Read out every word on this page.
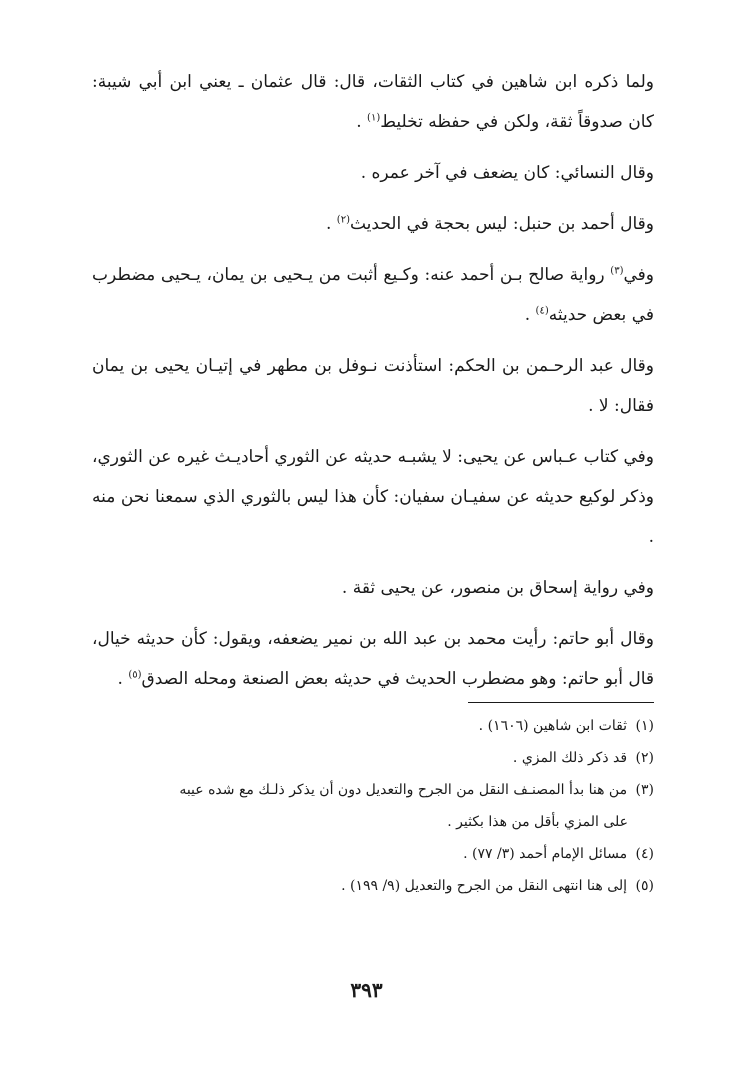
ولما ذكره ابن شاهين في كتاب الثقات، قال: قال عثمان ـ يعني ابن أبي شيبة: كان صدوقاً ثقة، ولكن في حفظه تخليط$^{(١)}$ .

وقال النسائي: كان يضعف في آخر عمره .

وقال أحمد بن حنبل: ليس بحجة في الحديث$^{(٢)}$ .

وفي$^{(٣)}$ رواية صالح بـن أحمد عنه: وكـيع أثبت من يـحيى بن يمان، يـحيى مضطرب في بعض حديثه$^{(٤)}$ .

وقال عبد الرحـمن بن الحكم: استأذنت نـوفل بن مطهر في إتيـان يحيى بن يمان فقال: لا .

وفي كتاب عـباس عن يحيى: لا يشبـه حديثه عن الثوري أحاديـث غيره عن الثوري، وذكر لوكيع حديثه عن سفيـان سفيان: كأن هذا ليس بالثوري الذي سمعنا نحن منه .

وفي رواية إسحاق بن منصور، عن يحيى ثقة .

وقال أبو حاتم: رأيت محمد بن عبد الله بن نمير يضعفه، ويقول: كأن حديثه خيال، قال أبو حاتم: وهو مضطرب الحديث في حديثه بعض الصنعة ومحله الصدق$^{(٥)}$ .

(١) ثقات ابن شاهين (١٦٠٦) .
(٢) قد ذكر ذلك المزي .
(٣) من هنا بدأ المصنـف النقل من الجرح والتعديل دون أن يذكر ذلـك مع شده عيبه
على المزي بأقل من هذا بكثير .
(٤) مسائل الإمام أحمد (٣/ ٧٧) .
(٥) إلى هنا انتهى النقل من الجرح والتعديل (٩/ ١٩٩) .
٣٩٣
